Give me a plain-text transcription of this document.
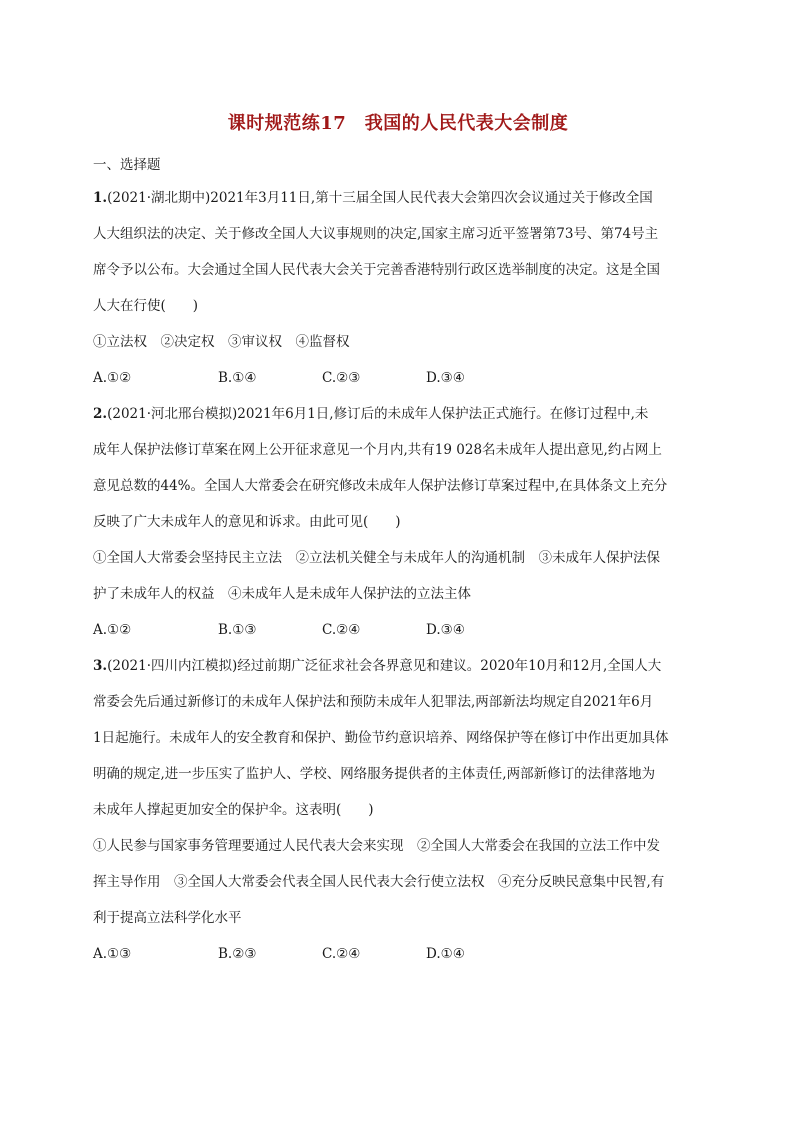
课时规范练17　我国的人民代表大会制度
一、选择题
1.(2021·湖北期中)2021年3月11日,第十三届全国人民代表大会第四次会议通过关于修改全国
人大组织法的决定、关于修改全国人大议事规则的决定,国家主席习近平签署第73号、第74号主
席令予以公布。大会通过全国人民代表大会关于完善香港特别行政区选举制度的决定。这是全国
人大在行使(　　)
①立法权　②决定权　③审议权　④监督权
A.①②	B.①④	C.②③	D.③④
2.(2021·河北邢台模拟)2021年6月1日,修订后的未成年人保护法正式施行。在修订过程中,未
成年人保护法修订草案在网上公开征求意见一个月内,共有19 028名未成年人提出意见,约占网上
意见总数的44%。全国人大常委会在研究修改未成年人保护法修订草案过程中,在具体条文上充分
反映了广大未成年人的意见和诉求。由此可见(　　)
①全国人大常委会坚持民主立法　②立法机关健全与未成年人的沟通机制　③未成年人保护法保
护了未成年人的权益　④未成年人是未成年人保护法的立法主体
A.①②	B.①③	C.②④	D.③④
3.(2021·四川内江模拟)经过前期广泛征求社会各界意见和建议。2020年10月和12月,全国人大
常委会先后通过新修订的未成年人保护法和预防未成年人犯罪法,两部新法均规定自2021年6月
1日起施行。未成年人的安全教育和保护、勤俭节约意识培养、网络保护等在修订中作出更加具体
明确的规定,进一步压实了监护人、学校、网络服务提供者的主体责任,两部新修订的法律落地为
未成年人撑起更加安全的保护伞。这表明(　　)
①人民参与国家事务管理要通过人民代表大会来实现　②全国人大常委会在我国的立法工作中发
挥主导作用　③全国人大常委会代表全国人民代表大会行使立法权　④充分反映民意集中民智,有
利于提高立法科学化水平
A.①③	B.②③	C.②④	D.①④
